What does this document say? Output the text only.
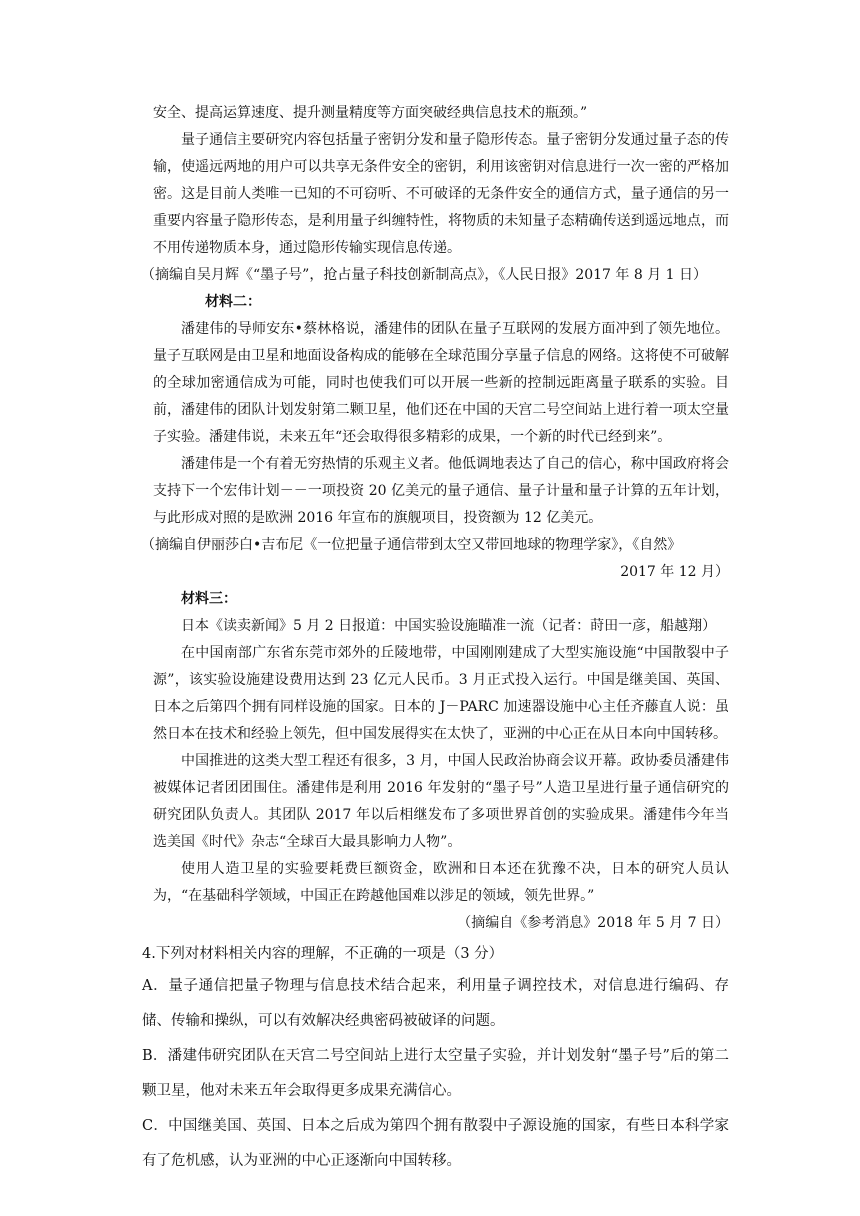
安全、提高运算速度、提升测量精度等方面突破经典信息技术的瓶颈。”

量子通信主要研究内容包括量子密钥分发和量子隐形传态。量子密钥分发通过量子态的传输，使遥远两地的用户可以共享无条件安全的密钥，利用该密钥对信息进行一次一密的严格加密。这是目前人类唯一已知的不可窃听、不可破译的无条件安全的通信方式，量子通信的另一重要内容量子隐形传态，是利用量子纠缠特性，将物质的未知量子态精确传送到遥远地点，而不用传递物质本身，通过隐形传输实现信息传递。

（摘编自吴月辉《“墨子号”，抢占量子科技创新制高点》，《人民日报》2017 年 8 月 1 日）

材料二：

潘建伟的导师安东•蔡林格说，潘建伟的团队在量子互联网的发展方面冲到了领先地位。量子互联网是由卫星和地面设备构成的能够在全球范围分享量子信息的网络。这将使不可破解的全球加密通信成为可能，同时也使我们可以开展一些新的控制远距离量子联系的实验。目前，潘建伟的团队计划发射第二颗卫星，他们还在中国的天宫二号空间站上进行着一项太空量子实验。潘建伟说，未来五年“还会取得很多精彩的成果，一个新的时代已经到来”。

潘建伟是一个有着无穷热情的乐观主义者。他低调地表达了自己的信心，称中国政府将会支持下一个宏伟计划－－一项投资 20 亿美元的量子通信、量子计量和量子计算的五年计划，与此形成对照的是欧洲 2016 年宣布的旗舰项目，投资额为 12 亿美元。

（摘编自伊丽莎白•吉布尼《一位把量子通信带到太空又带回地球的物理学家》，《自然》

2017 年 12 月）

材料三：

日本《读卖新闻》5 月 2 日报道：中国实验设施瞄准一流（记者：莳田一彦，船越翔）

在中国南部广东省东莞市郊外的丘陵地带，中国刚刚建成了大型实施设施“中国散裂中子源”，该实验设施建设费用达到 23 亿元人民币。3 月正式投入运行。中国是继美国、英国、日本之后第四个拥有同样设施的国家。日本的 J－PARC 加速器设施中心主任齐藤直人说：虽然日本在技术和经验上领先，但中国发展得实在太快了，亚洲的中心正在从日本向中国转移。

中国推进的这类大型工程还有很多，3 月，中国人民政治协商会议开幕。政协委员潘建伟被媒体记者团团围住。潘建伟是利用 2016 年发射的“墨子号”人造卫星进行量子通信研究的研究团队负责人。其团队 2017 年以后相继发布了多项世界首创的实验成果。潘建伟今年当选美国《时代》杂志“全球百大最具影响力人物”。

使用人造卫星的实验要耗费巨额资金，欧洲和日本还在犹豫不决，日本的研究人员认为，“在基础科学领域，中国正在跨越他国难以涉足的领域，领先世界。”

（摘编自《参考消息》2018 年 5 月 7 日）

4.下列对材料相关内容的理解，不正确的一项是（3 分）

A．量子通信把量子物理与信息技术结合起来，利用量子调控技术，对信息进行编码、存储、传输和操纵，可以有效解决经典密码被破译的问题。

B．潘建伟研究团队在天宫二号空间站上进行太空量子实验，并计划发射“墨子号”后的第二颗卫星，他对未来五年会取得更多成果充满信心。

C．中国继美国、英国、日本之后成为第四个拥有散裂中子源设施的国家，有些日本科学家有了危机感，认为亚洲的中心正逐渐向中国转移。
